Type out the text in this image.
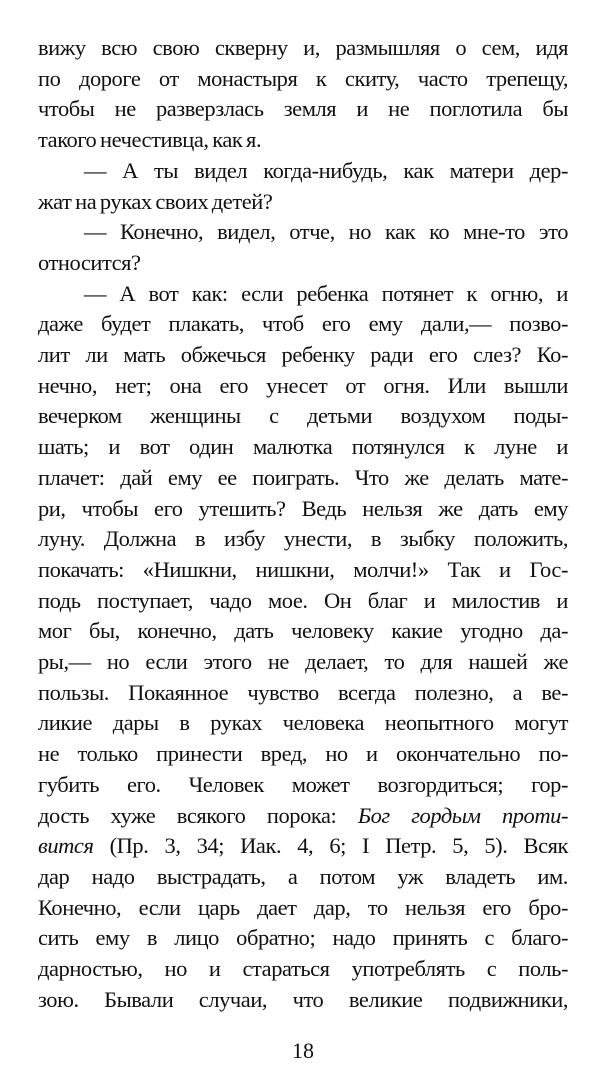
вижу всю свою скверну и, размышляя о сем, идя
по дороге от монастыря к скиту, часто трепещу,
чтобы не разверзлась земля и не поглотила бы
такого нечестивца, как я.
— А ты видел когда-нибудь, как матери дер-
жат на руках своих детей?
— Конечно, видел, отче, но как ко мне-то это
относится?
— А вот как: если ребенка потянет к огню, и
даже будет плакать, чтоб его ему дали,— позво-
лит ли мать обжечься ребенку ради его слез? Ко-
нечно, нет; она его унесет от огня. Или вышли
вечерком женщины с детьми воздухом поды-
шать; и вот один малютка потянулся к луне и
плачет: дай ему ее поиграть. Что же делать мате-
ри, чтобы его утешить? Ведь нельзя же дать ему
луну. Должна в избу унести, в зыбку положить,
покачать: «Нишкни, нишкни, молчи!» Так и Гос-
подь поступает, чадо мое. Он благ и милостив и
мог бы, конечно, дать человеку какие угодно да-
ры,— но если этого не делает, то для нашей же
пользы. Покаянное чувство всегда полезно, а ве-
ликие дары в руках человека неопытного могут
не только принести вред, но и окончательно по-
губить его. Человек может возгордиться; гор-
дость хуже всякого порока: Бог гордым проти-
вится (Пр. 3, 34; Иак. 4, 6; I Петр. 5, 5). Всяк
дар надо выстрадать, а потом уж владеть им.
Конечно, если царь дает дар, то нельзя его бро-
сить ему в лицо обратно; надо принять с благо-
дарностью, но и стараться употреблять с поль-
зою. Бывали случаи, что великие подвижники,
18
